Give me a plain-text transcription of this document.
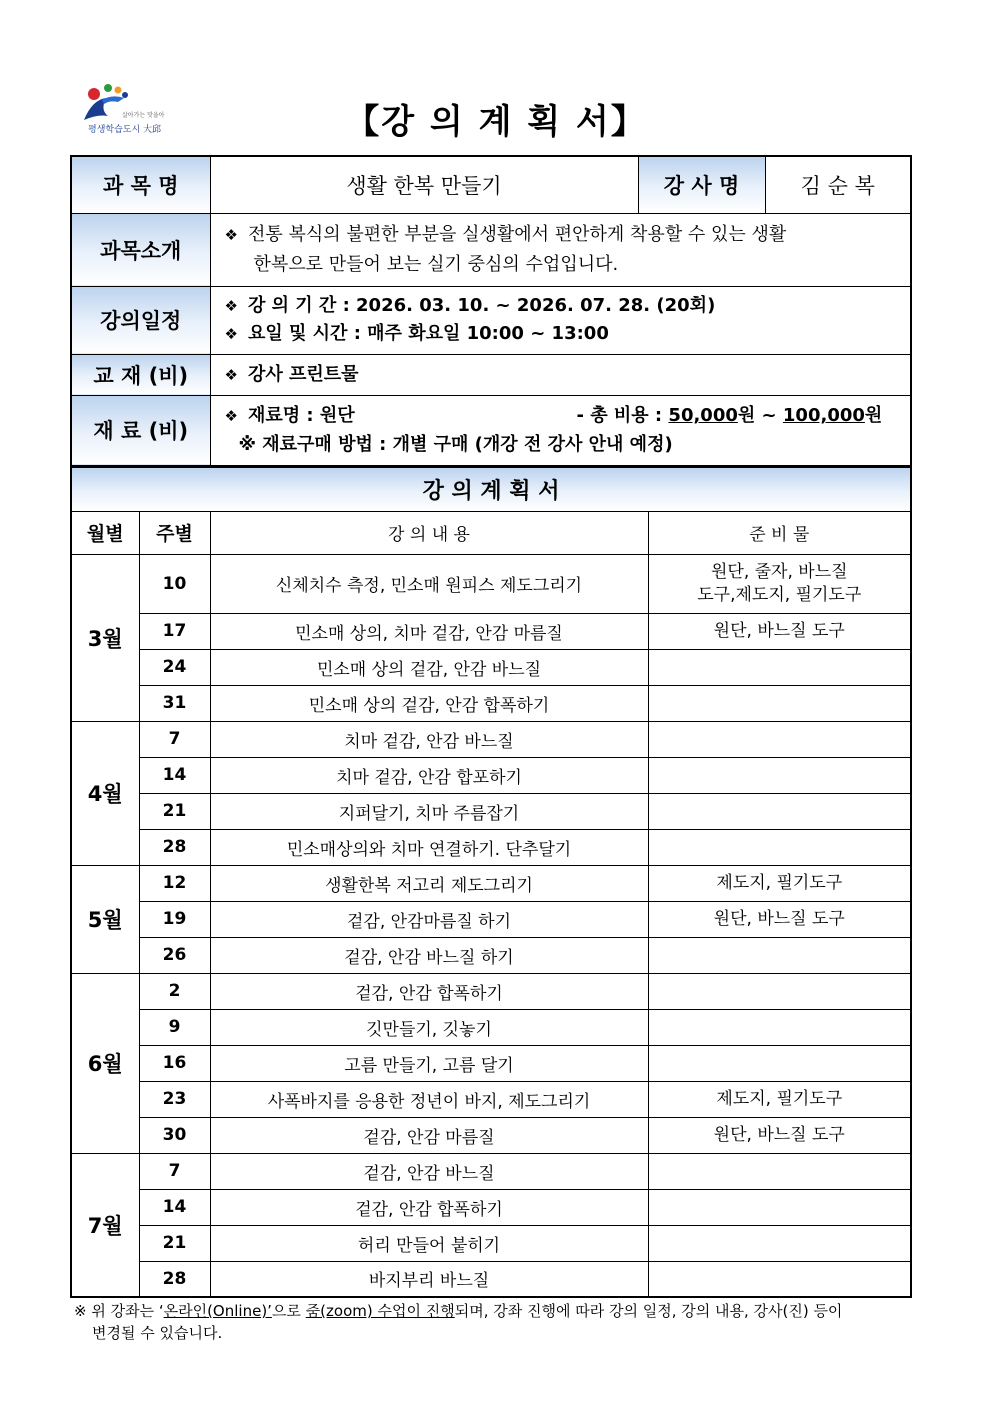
살아가는 맛을아
평생학습도시 大邱	【강 의 계 획 서】
과 목 명	생활 한복 만들기	강 사 명	김 순 복
과목소개	❖ 전통 복식의 불편한 부분을 실생활에서 편안하게 착용할 수 있는 생활
한복으로 만들어 보는 실기 중심의 수업입니다.		

강의일정	❖ 강 의 기 간 : 2026. 03. 10. ~ 2026. 07. 28. (20회)
❖ 요일 및 시간 : 매주 화요일 10:00 ~ 13:00		

교 재 (비)	❖ 강사 프린트물		
재 료 (비)	❖ 재료명 : 원단 - 총 비용 : 50,000원 ~ 100,000원
※ 재료구매 방법 : 개별 구매 (개강 전 강사 안내 예정)		
강 의 계 획 서			
월별	주별	강 의 내 용	준 비 물
3월	10	신체치수 측정, 민소매 원피스 제도그리기	원단, 줄자, 바느질
도구,제도지, 필기도구

	17	민소매 상의, 치마 겉감, 안감 마름질	원단, 바느질 도구

	24	민소매 상의 겉감, 안감 바느질	

	31	민소매 상의 겉감, 안감 합폭하기	

4월	7	치마 겉감, 안감 바느질	

	14	치마 겉감, 안감 합포하기	

	21	지퍼달기, 치마 주름잡기	

	28	민소매상의와 치마 연결하기. 단추달기	

5월	12	생활한복 저고리 제도그리기	제도지, 필기도구

	19	겉감, 안감마름질 하기	원단, 바느질 도구

	26	겉감, 안감 바느질 하기	

6월	2	겉감, 안감 합폭하기	

	9	깃만들기, 깃놓기	

	16	고름 만들기, 고름 달기	

	23	사폭바지를 응용한 정년이 바지, 제도그리기	제도지, 필기도구

	30	겉감, 안감 마름질	원단, 바느질 도구

7월	7	겉감, 안감 바느질	

	14	겉감, 안감 합폭하기	

	21	허리 만들어 붙히기	

	28	바지부리 바느질	
※ 위 강좌는 ‘온라인(Online)’으로 줌(zoom) 수업이 진행되며, 강좌 진행에 따라 강의 일정, 강의 내용, 강사(진) 등이
변경될 수 있습니다.
